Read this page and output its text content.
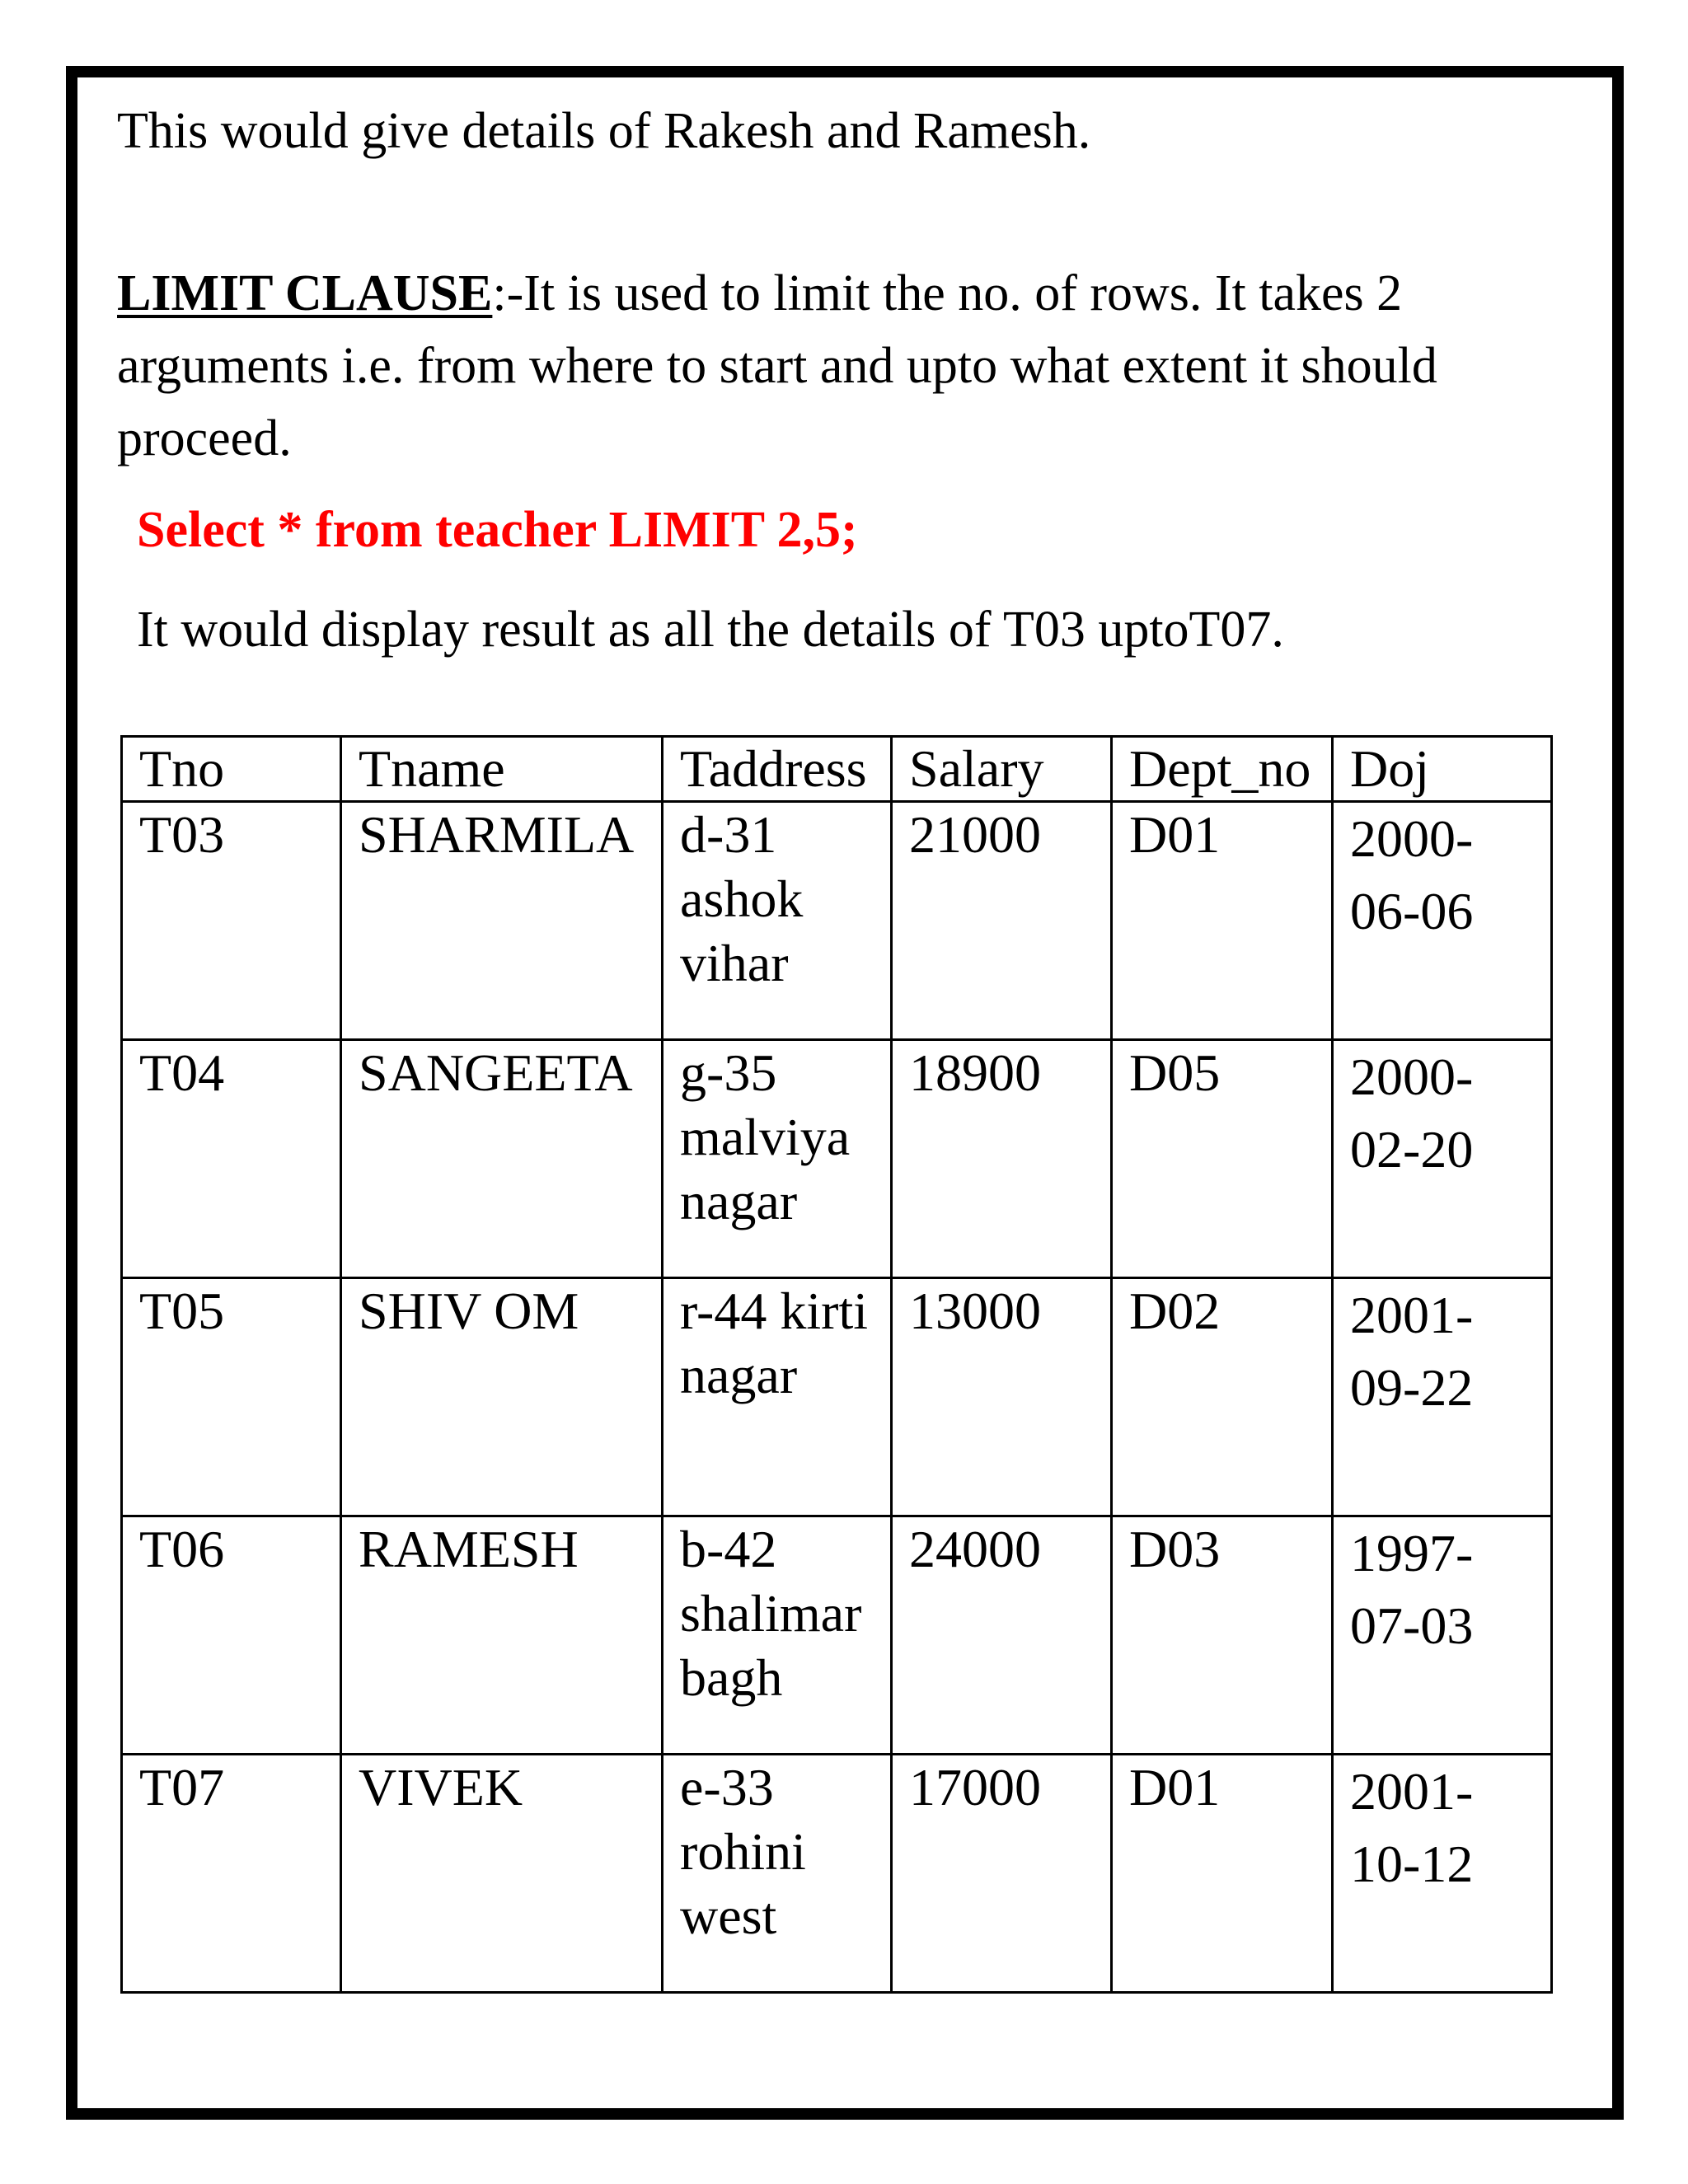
This would give details of Rakesh and Ramesh.
LIMIT CLAUSE:-It is used to limit the no. of rows. It takes 2
arguments i.e. from where to start and upto what extent it should
proceed.
Select * from teacher LIMIT 2,5;
It would display result as all the details of T03 uptoT07.
Tno	Tname	Taddress	Salary	Dept_no	Doj
T03	SHARMILA	d-31
ashok
vihar	21000	D01	2000-
06-06
T04	SANGEETA	g-35
malviya
nagar	18900	D05	2000-
02-20
T05	SHIV OM	r-44 kirti
nagar	13000	D02	2001-
09-22
T06	RAMESH	b-42
shalimar
bagh	24000	D03	1997-
07-03
T07	VIVEK	e-33
rohini
west	17000	D01	2001-
10-12
